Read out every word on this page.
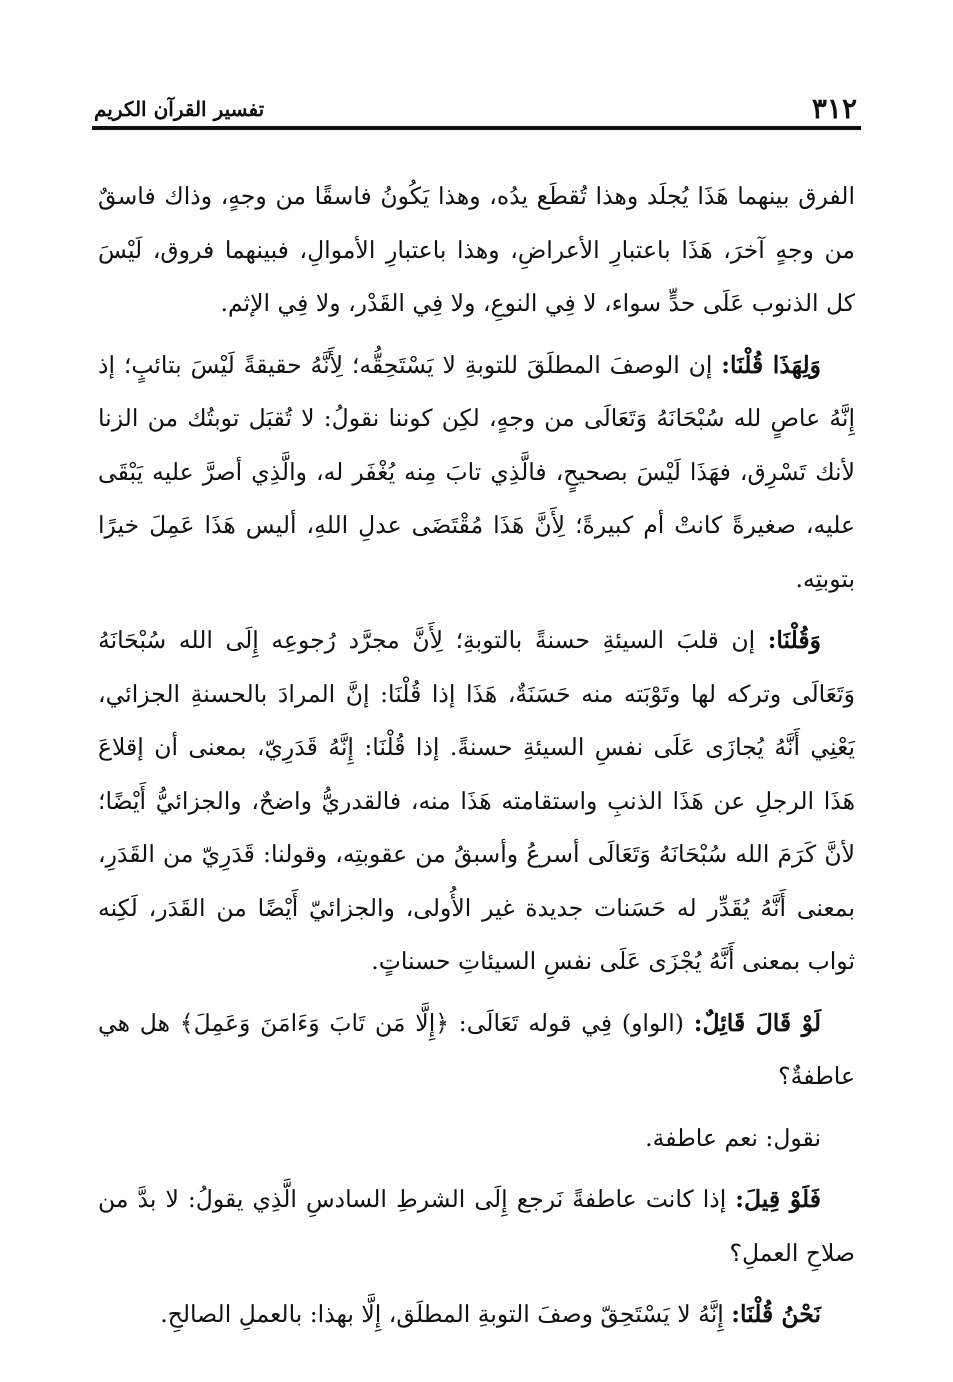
٣١٢
تفسير القرآن الكريم

الفرق بينهما هَذَا يُجلَد وهذا تُقطَع يدُه، وهذا يَكُونُ فاسقًا من وجهٍ، وذاك فاسقٌ من وجهٍ آخرَ، هَذَا باعتبارِ الأعراضِ، وهذا باعتبارِ الأموالِ، فبينهما فروق، لَيْسَ كل الذنوب عَلَى حدٍّ سواء، لا فِي النوعِ، ولا فِي القَدْر، ولا فِي الإثم.

وَلِهَذَا قُلْنَا: إن الوصفَ المطلَقَ للتوبةِ لا يَسْتَحِقُّه؛ لِأَنَّهُ حقيقةً لَيْسَ بتائبٍ؛ إذ إِنَّهُ عاصٍ لله سُبْحَانَهُ وَتَعَالَى من وجهٍ، لكِن كوننا نقولُ: لا تُقبَل توبتُك من الزنا لأنك تَسْرِق، فهَذَا لَيْسَ بصحيحٍ، فالَّذِي تابَ مِنه يُغْفَر له، والَّذِي أصرَّ عليه يَبْقَى عليه، صغيرةً كانتْ أم كبيرةً؛ لِأَنَّ هَذَا مُقْتَضَى عدلِ اللهِ، أليس هَذَا عَمِلَ خيرًا بتوبتِه.

وَقُلْنَا: إن قلبَ السيئةِ حسنةً بالتوبةِ؛ لِأَنَّ مجرَّد رُجوعِه إِلَى الله سُبْحَانَهُ وَتَعَالَى وتركه لها وتَوْبَته منه حَسَنَةٌ، هَذَا إذا قُلْنَا: إنَّ المرادَ بالحسنةِ الجزائي، يَعْنِي أَنَّهُ يُجازَى عَلَى نفسِ السيئةِ حسنةً. إذا قُلْنَا: إِنَّهُ قَدَرِيّ، بمعنى أن إقلاعَ هَذَا الرجلِ عن هَذَا الذنبِ واستقامته هَذَا منه، فالقدريُّ واضحٌ، والجزائيُّ أَيْضًا؛ لأنَّ كَرَمَ الله سُبْحَانَهُ وَتَعَالَى أسرعُ وأسبقُ من عقوبتِه، وقولنا: قَدَرِيّ من القَدَرِ، بمعنى أَنَّهُ يُقَدِّر له حَسَنات جديدة غير الأُولى، والجزائيّ أَيْضًا من القَدَر، لَكِنه ثواب بمعنى أَنَّهُ يُجْزَى عَلَى نفسِ السيئاتِ حسناتٍ.

لَوْ قَالَ قَائِلٌ: (الواو) فِي قوله تَعَالَى: ﴿إِلَّا مَن تَابَ وَءَامَنَ وَعَمِلَ﴾ هل هي عاطفةٌ؟

نقول: نعم عاطفة.

فَلَوْ قِيلَ: إذا كانت عاطفةً نَرجع إِلَى الشرطِ السادسِ الَّذِي يقولُ: لا بدَّ من صلاحِ العملِ؟

نَحْنُ قُلْنَا: إِنَّهُ لا يَسْتَحِقّ وصفَ التوبةِ المطلَق، إِلَّا بهذا: بالعملِ الصالحِ.
